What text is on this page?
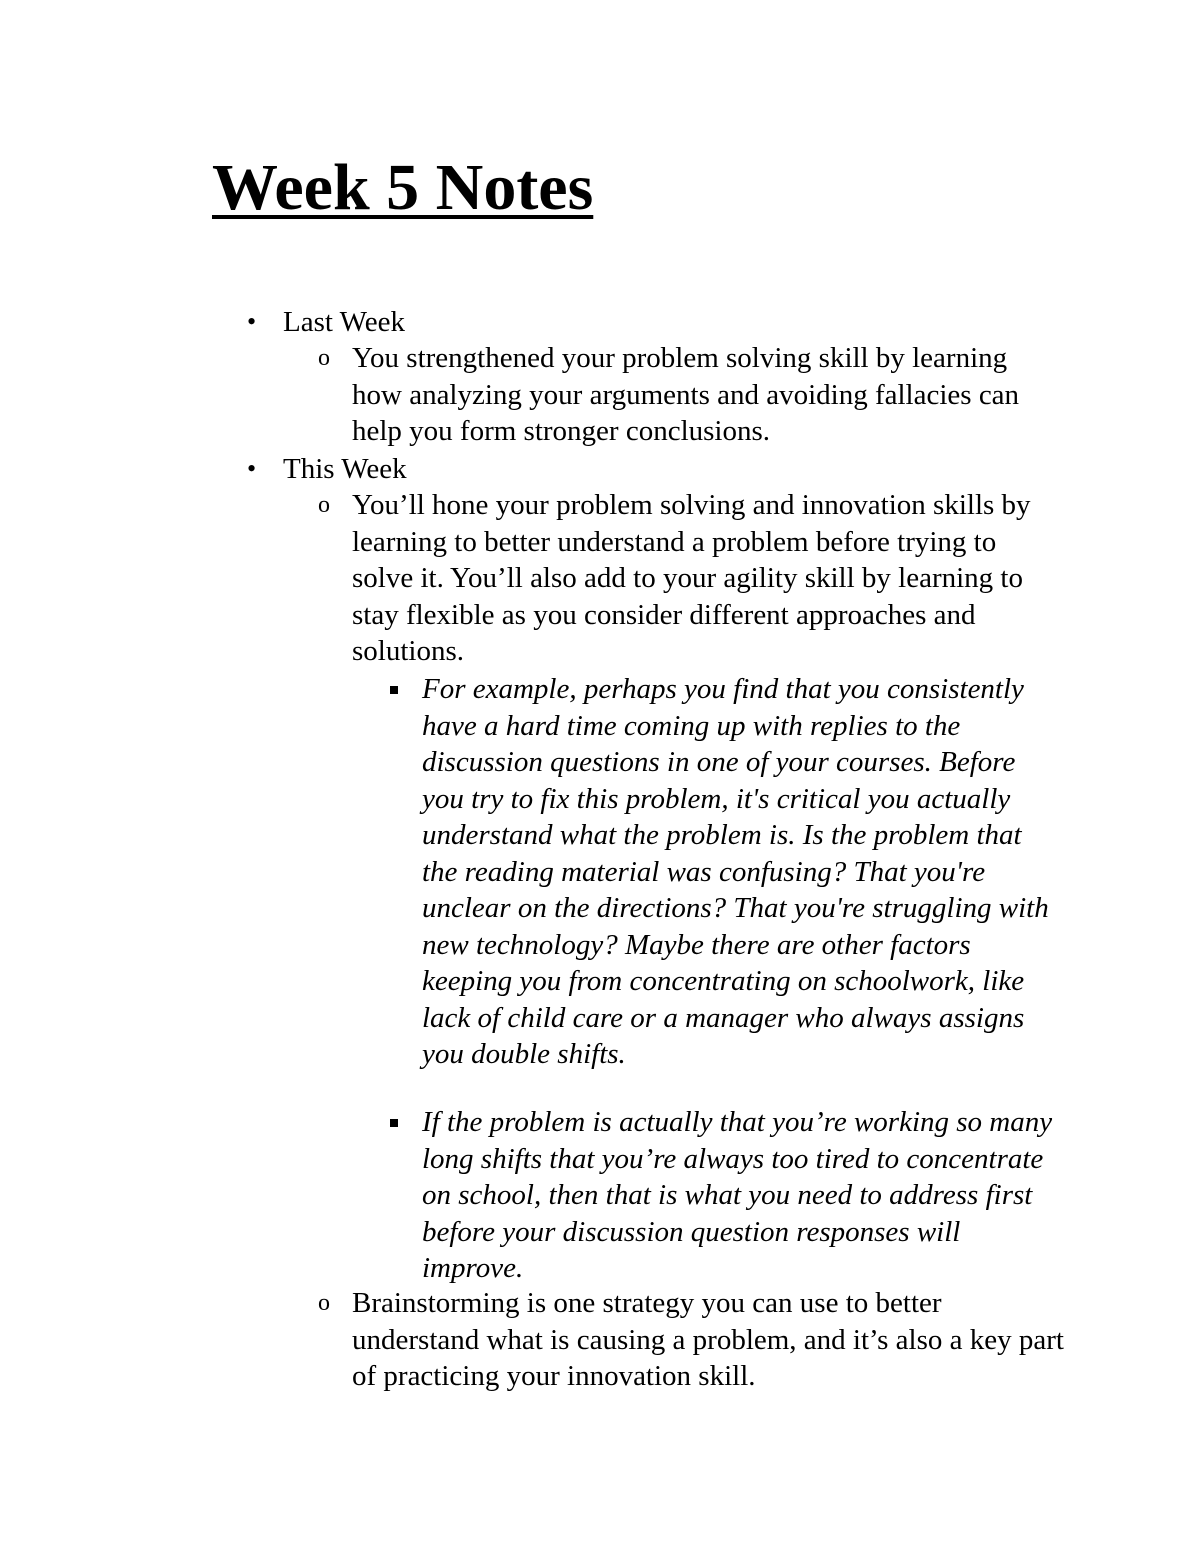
Week 5 Notes
• Last Week
o You strengthened your problem solving skill by learning how analyzing your arguments and avoiding fallacies can help you form stronger conclusions.
• This Week
o You’ll hone your problem solving and innovation skills by learning to better understand a problem before trying to solve it. You’ll also add to your agility skill by learning to stay flexible as you consider different approaches and solutions.
For example, perhaps you find that you consistently have a hard time coming up with replies to the discussion questions in one of your courses. Before you try to fix this problem, it's critical you actually understand what the problem is. Is the problem that the reading material was confusing? That you're unclear on the directions? That you're struggling with new technology? Maybe there are other factors keeping you from concentrating on schoolwork, like lack of child care or a manager who always assigns you double shifts.
If the problem is actually that you’re working so many long shifts that you’re always too tired to concentrate on school, then that is what you need to address first before your discussion question responses will improve.
o Brainstorming is one strategy you can use to better understand what is causing a problem, and it’s also a key part of practicing your innovation skill.
